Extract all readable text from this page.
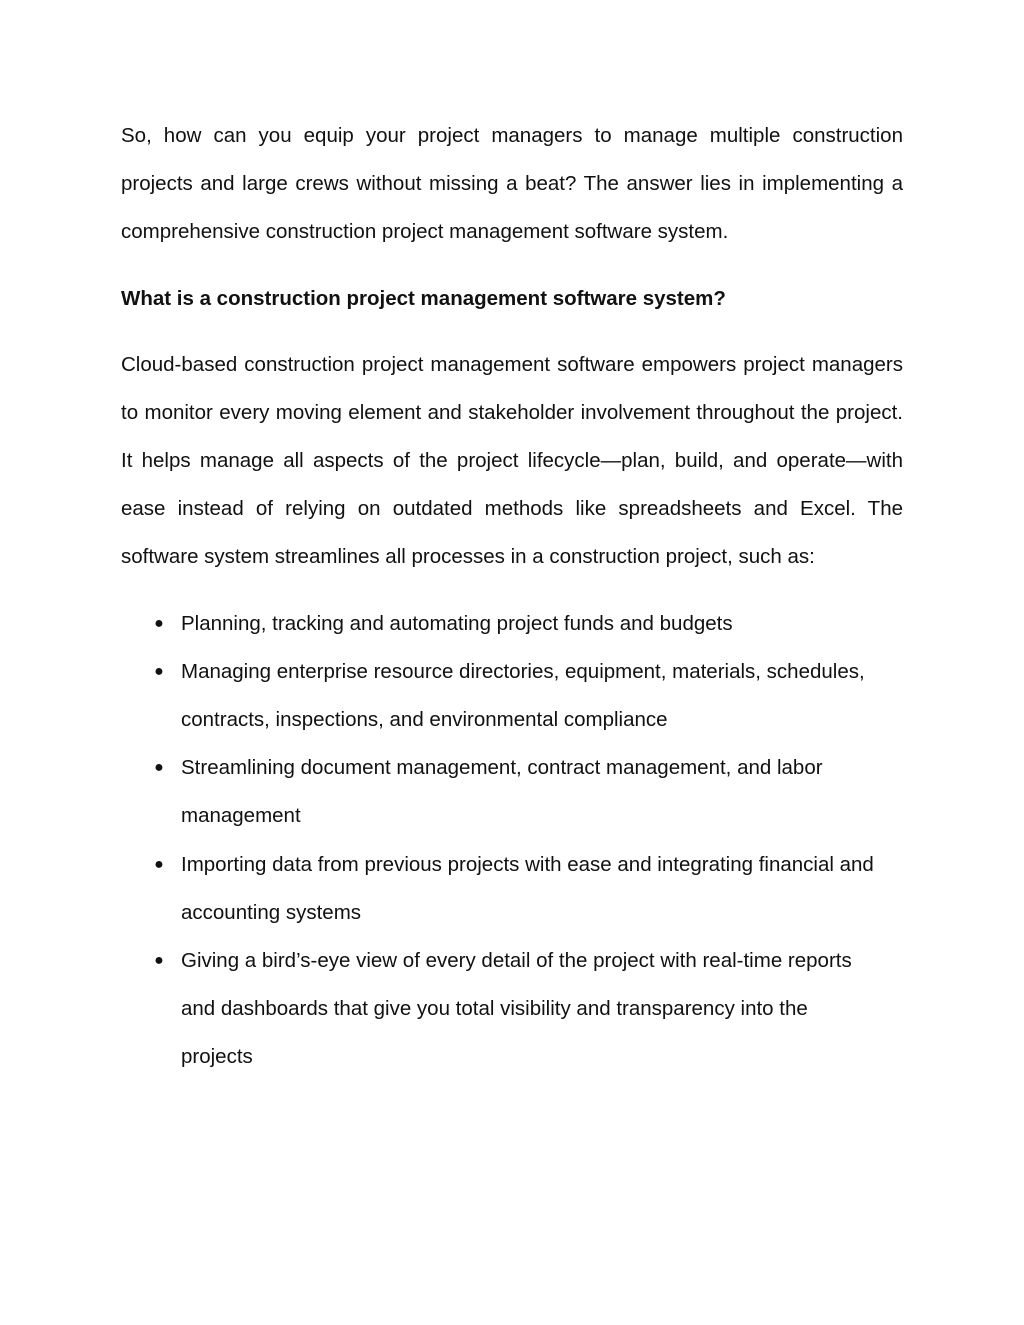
So, how can you equip your project managers to manage multiple construction projects and large crews without missing a beat? The answer lies in implementing a comprehensive construction project management software system.

What is a construction project management software system?

Cloud-based construction project management software empowers project managers to monitor every moving element and stakeholder involvement throughout the project. It helps manage all aspects of the project lifecycle—plan, build, and operate—with ease instead of relying on outdated methods like spreadsheets and Excel. The software system streamlines all processes in a construction project, such as:

● Planning, tracking and automating project funds and budgets
● Managing enterprise resource directories, equipment, materials, schedules, contracts, inspections, and environmental compliance
● Streamlining document management, contract management, and labor management
● Importing data from previous projects with ease and integrating financial and accounting systems
● Giving a bird’s-eye view of every detail of the project with real-time reports and dashboards that give you total visibility and transparency into the projects
